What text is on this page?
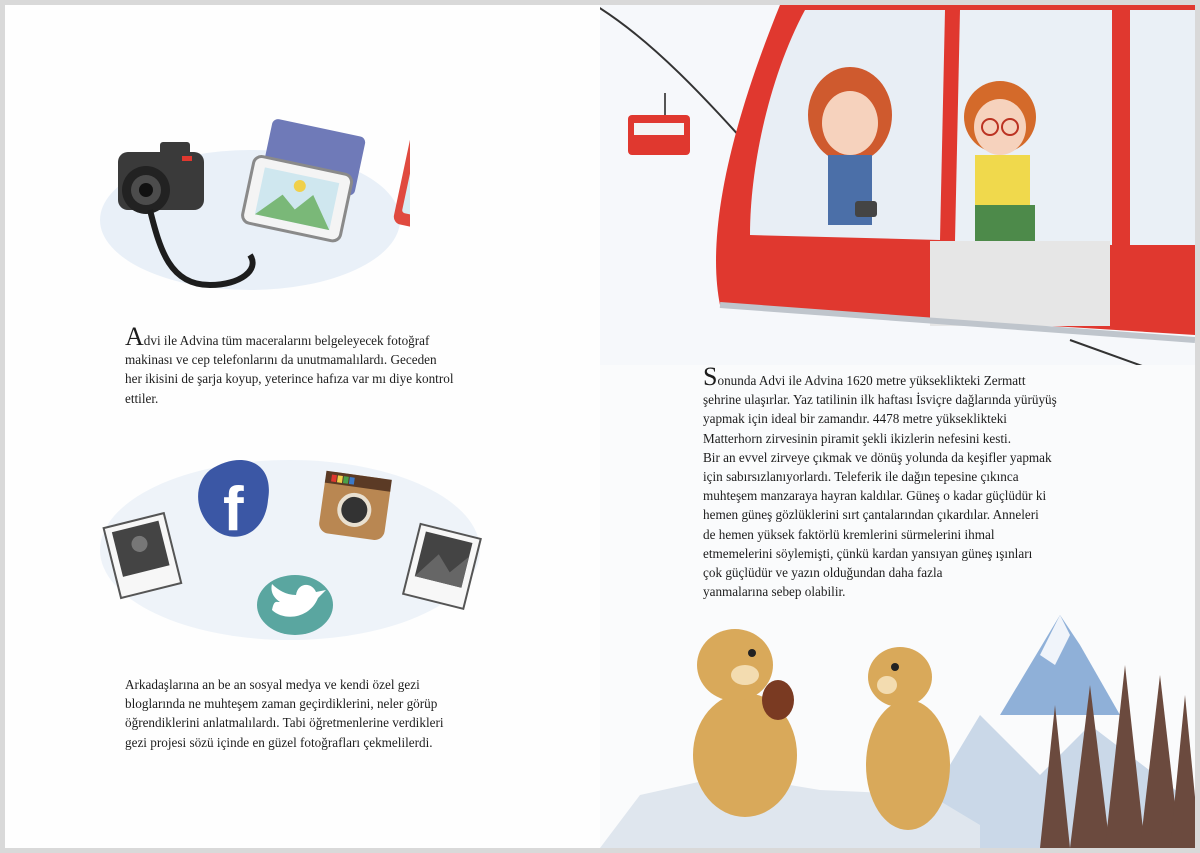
Advi ile Advina tüm maceralarını belgeleyecek fotoğraf

makinası ve cep telefonlarını da unutmamalılardı. Geceden

her ikisini de şarja koyup, yeterince hafıza var mı diye kontrol

ettiler.

f

Arkadaşlarına an be an sosyal medya ve kendi özel gezi

bloglarında ne muhteşem zaman geçirdiklerini, neler görüp

öğrendiklerini anlatmalılardı. Tabi öğretmenlerine verdikleri

gezi projesi sözü içinde en güzel fotoğrafları çekmelilerdi.

Sonunda Advi ile Advina 1620 metre yükseklikteki Zermatt

şehrine ulaşırlar. Yaz tatilinin ilk haftası İsviçre dağlarında yürüyüş

yapmak için ideal bir zamandır. 4478 metre yükseklikteki

Matterhorn zirvesinin piramit şekli ikizlerin nefesini kesti.

Bir an evvel zirveye çıkmak ve dönüş yolunda da keşifler yapmak

için sabırsızlanıyorlardı. Teleferik ile dağın tepesine çıkınca

muhteşem manzaraya hayran kaldılar. Güneş o kadar güçlüdür ki

hemen güneş gözlüklerini sırt çantalarından çıkardılar. Anneleri

de hemen yüksek faktörlü kremlerini sürmelerini ihmal

etmemelerini söylemişti, çünkü kardan yansıyan güneş ışınları

çok güçlüdür ve yazın olduğundan daha fazla

yanmalarına sebep olabilir.
